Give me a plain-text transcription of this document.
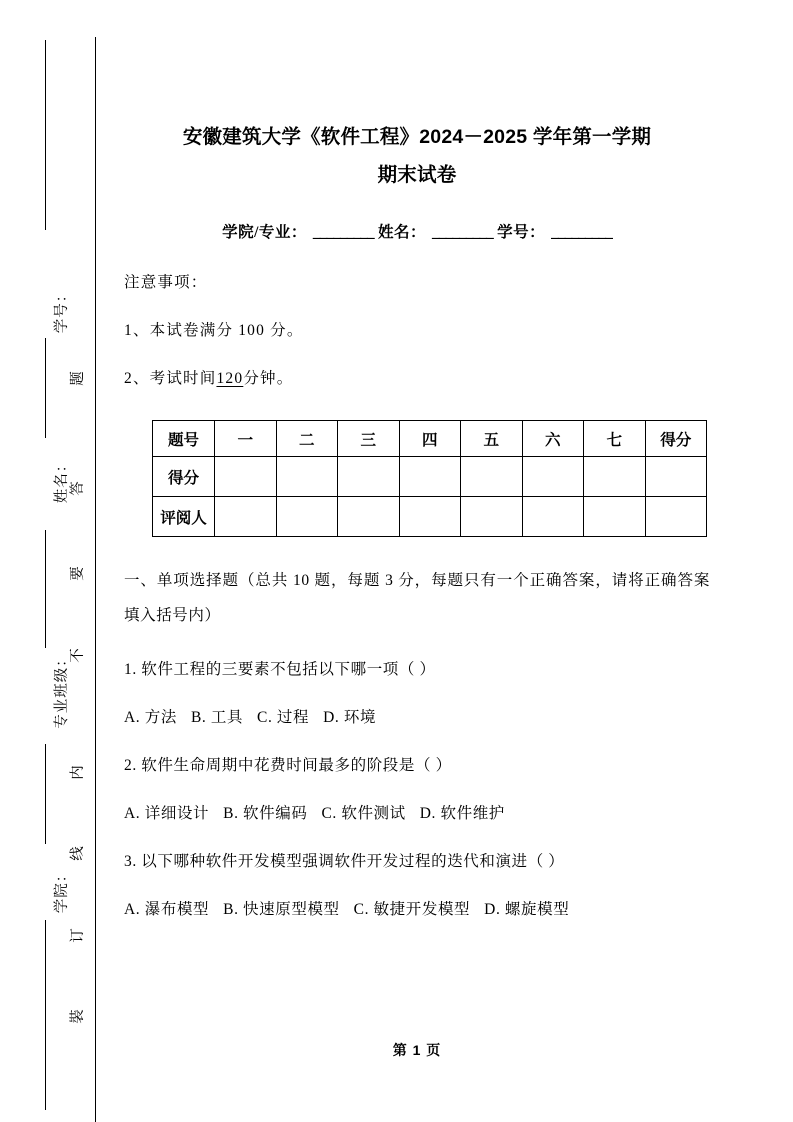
学号：
姓名：
专业班级：
学院：
题
答
要
不
内
线
订
裝
安徽建筑大学《软件工程》2024－2025 学年第一学期
期末试卷
学院/专业： _________ 姓名： _________ 学号： _________

注意事项：

1、本试卷满分 100 分。

2、考试时间120分钟。

题号	一	二	三	四	五	六	七	得分
得分								
评阅人								

一、单项选择题（总共 10 题，每题 3 分，每题只有一个正确答案，请将正确答案填入括号内）

1. 软件工程的三要素不包括以下哪一项（ ）

A. 方法 B. 工具 C. 过程 D. 环境

2. 软件生命周期中花费时间最多的阶段是（ ）

A. 详细设计 B. 软件编码 C. 软件测试 D. 软件维护

3. 以下哪种软件开发模型强调软件开发过程的迭代和演进（ ）

A. 瀑布模型 B. 快速原型模型 C. 敏捷开发模型 D. 螺旋模型

第 1 页
